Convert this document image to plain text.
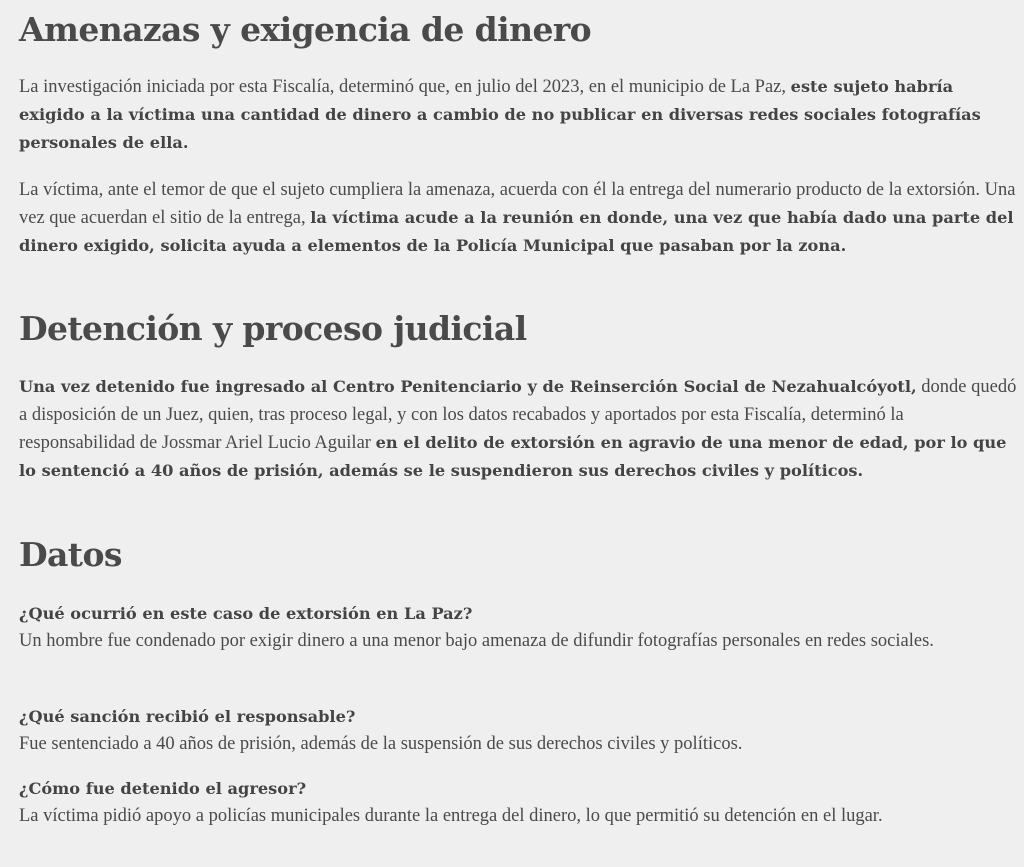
Amenazas y exigencia de dinero

La investigación iniciada por esta Fiscalía, determinó que, en julio del 2023, en el municipio de La Paz, este sujeto habría exigido a la víctima una cantidad de dinero a cambio de no publicar en diversas redes sociales fotografías personales de ella.

La víctima, ante el temor de que el sujeto cumpliera la amenaza, acuerda con él la entrega del numerario producto de la extorsión. Una vez que acuerdan el sitio de la entrega, la víctima acude a la reunión en donde, una vez que había dado una parte del dinero exigido, solicita ayuda a elementos de la Policía Municipal que pasaban por la zona.

Detención y proceso judicial

Una vez detenido fue ingresado al Centro Penitenciario y de Reinserción Social de Nezahualcóyotl, donde quedó a disposición de un Juez, quien, tras proceso legal, y con los datos recabados y aportados por esta Fiscalía, determinó la responsabilidad de Jossmar Ariel Lucio Aguilar en el delito de extorsión en agravio de una menor de edad, por lo que lo sentenció a 40 años de prisión, además se le suspendieron sus derechos civiles y políticos.

Datos
¿Qué ocurrió en este caso de extorsión en La Paz?
Un hombre fue condenado por exigir dinero a una menor bajo amenaza de difundir fotografías personales en redes sociales.
¿Qué sanción recibió el responsable?
Fue sentenciado a 40 años de prisión, además de la suspensión de sus derechos civiles y políticos.
¿Cómo fue detenido el agresor?
La víctima pidió apoyo a policías municipales durante la entrega del dinero, lo que permitió su detención en el lugar.
